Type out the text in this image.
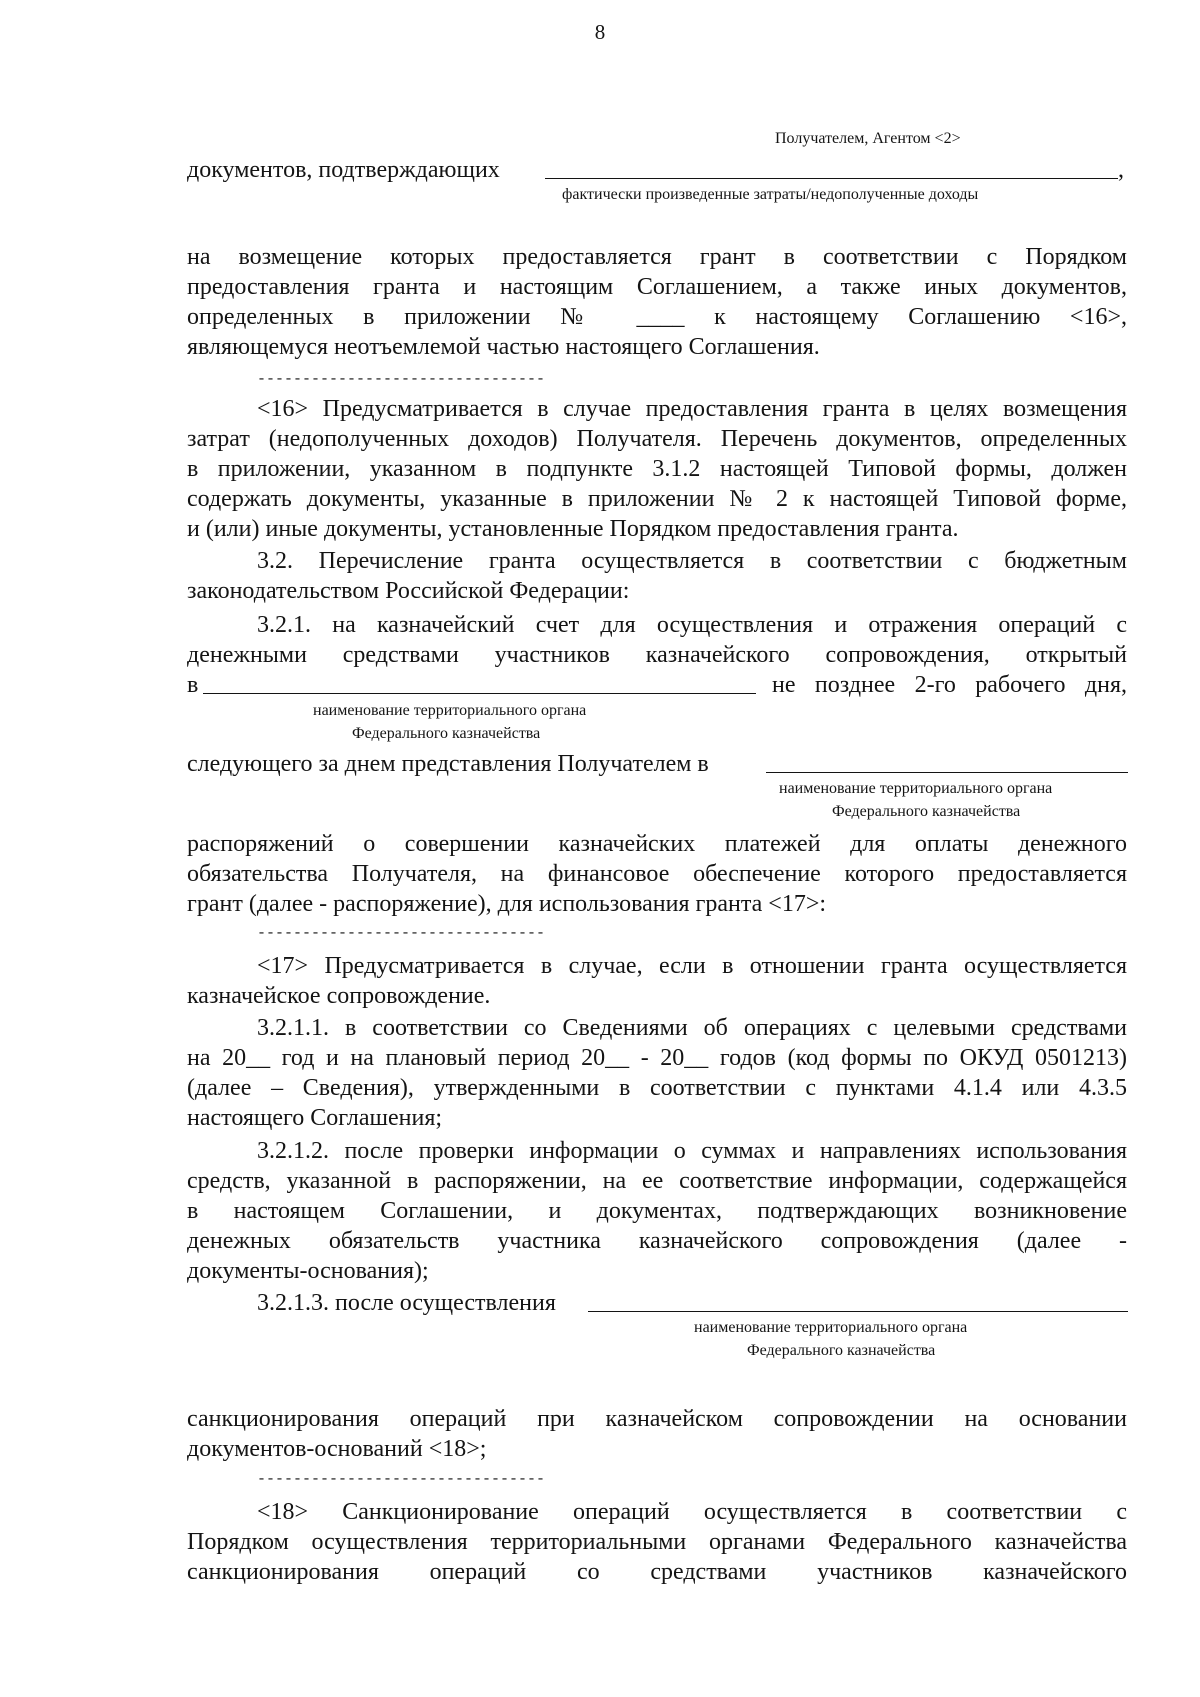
8
Получателем, Агентом <2>
документов, подтверждающих	,
фактически произведенные затраты/недополученные доходы
на возмещение которых предоставляется грант в соответствии с Порядком
предоставления гранта и настоящим Соглашением, а также иных документов,
определенных в приложении № ____ к настоящему Соглашению <16>,
являющемуся неотъемлемой частью настоящего Соглашения.
--------------------------------
<16> Предусматривается в случае предоставления гранта в целях возмещения
затрат (недополученных доходов) Получателя. Перечень документов, определенных
в приложении, указанном в подпункте 3.1.2 настоящей Типовой формы, должен
содержать документы, указанные в приложении № 2 к настоящей Типовой форме,
и (или) иные документы, установленные Порядком предоставления гранта.
3.2. Перечисление гранта осуществляется в соответствии с бюджетным
законодательством Российской Федерации:
3.2.1. на казначейский счет для осуществления и отражения операций с
денежными средствами участников казначейского сопровождения, открытый
в	не позднее 2-го рабочего дня,
наименование территориального органа
Федерального казначейства
следующего за днем представления Получателем в
наименование территориального органа
Федерального казначейства
распоряжений о совершении казначейских платежей для оплаты денежного
обязательства Получателя, на финансовое обеспечение которого предоставляется
грант (далее - распоряжение), для использования гранта <17>:
--------------------------------
<17> Предусматривается в случае, если в отношении гранта осуществляется
казначейское сопровождение.
3.2.1.1. в соответствии со Сведениями об операциях с целевыми средствами
на 20__ год и на плановый период 20__ - 20__ годов (код формы по ОКУД 0501213)
(далее – Сведения), утвержденными в соответствии с пунктами 4.1.4 или 4.3.5
настоящего Соглашения;
3.2.1.2. после проверки информации о суммах и направлениях использования
средств, указанной в распоряжении, на ее соответствие информации, содержащейся
в настоящем Соглашении, и документах, подтверждающих возникновение
денежных обязательств участника казначейского сопровождения (далее -
документы-основания);
3.2.1.3. после осуществления
наименование территориального органа
Федерального казначейства
санкционирования операций при казначейском сопровождении на основании
документов-оснований <18>;
--------------------------------
<18> Санкционирование операций осуществляется в соответствии с
Порядком осуществления территориальными органами Федерального казначейства
санкционирования операций со средствами участников казначейского
